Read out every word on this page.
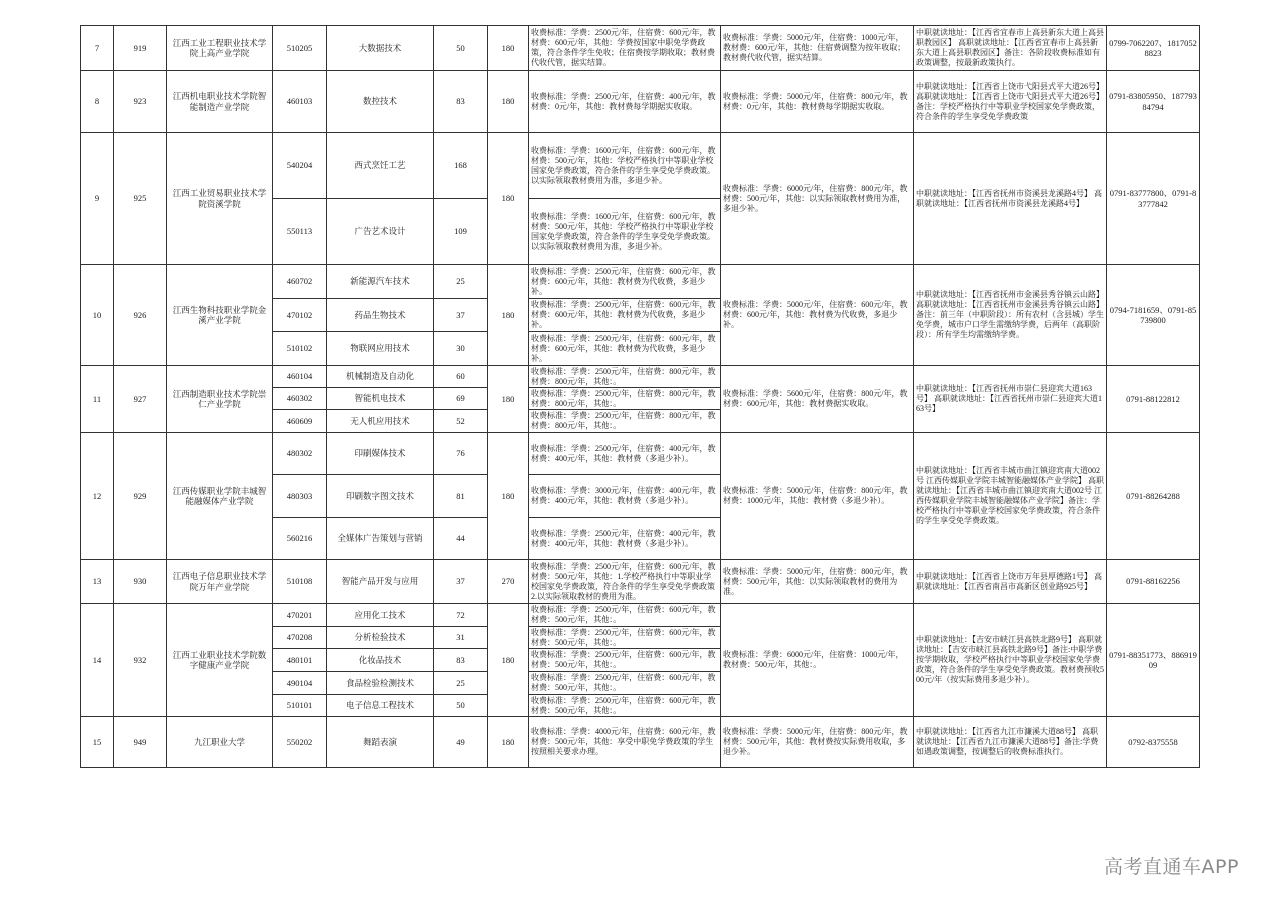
7	919	江西工业工程职业技术学院上高产业学院	510205	大数据技术	50	180	收费标准：学费：2500元/年，住宿费：600元/年，教材费：600元/年，其他：学费按国家中职免学费政策，符合条件学生免收；住宿费按学期收取；教材费代收代管，据实结算。	收费标准：学费：5000元/年，住宿费：1000元/年，教材费：600元/年，其他：住宿费调整为按年收取；教材费代收代管，据实结算。	中职就读地址：【江西省宜春市上高县新东大道上高县职教园区】 高职就读地址：【江西省宜春市上高县新东大道上高县职教园区】备注：各阶段收费标准如有政策调整，按最新政策执行。	0799-7062207、18170528823
8	923	江西机电职业技术学院智能制造产业学院	460103	数控技术	83	180	收费标准：学费：2500元/年，住宿费：400元/年，教材费：0元/年，其他：教材费每学期据实收取。	收费标准：学费：5000元/年，住宿费：800元/年，教材费：0元/年，其他：教材费每学期据实收取。	中职就读地址：【江西省上饶市弋阳县式平大道26号】 高职就读地址：【江西省上饶市弋阳县式平大道26号】备注：学校严格执行中等职业学校国家免学费政策，符合条件的学生享受免学费政策	0791-83805950、18779384794
9	925	江西工业贸易职业技术学院资溪学院	540204	西式烹饪工艺	168	180	收费标准：学费：1600元/年，住宿费：600元/年，教材费：500元/年，其他：学校严格执行中等职业学校国家免学费政策，符合条件的学生享受免学费政策。以实际领取教材费用为准，多退少补。	收费标准：学费：6000元/年，住宿费：800元/年，教材费：500元/年，其他：以实际领取教材费用为准，多退少补。	中职就读地址：【江西省抚州市资溪县龙溪路4号】 高职就读地址：【江西省抚州市资溪县龙溪路4号】	0791-83777800、0791-83777842
			550113	广告艺术设计	109		收费标准：学费：1600元/年，住宿费：600元/年，教材费：500元/年，其他：学校严格执行中等职业学校国家免学费政策，符合条件的学生享受免学费政策。以实际领取教材费用为准，多退少补。			
10	926	江西生物科技职业学院金溪产业学院	460702	新能源汽车技术	25	180	收费标准：学费：2500元/年，住宿费：600元/年，教材费：600元/年，其他：教材费为代收费，多退少补。	收费标准：学费：5000元/年，住宿费：600元/年，教材费：600元/年，其他：教材费为代收费，多退少补。	中职就读地址：【江西省抚州市金溪县秀谷镇云山路】 高职就读地址：【江西省抚州市金溪县秀谷镇云山路】备注：前三年（中职阶段）：所有农村（含县城）学生免学费，城市户口学生需缴纳学费，后两年（高职阶段）：所有学生均需缴纳学费。	0794-7181659、0791-85739800
			470102	药品生物技术	37		收费标准：学费：2500元/年，住宿费：600元/年，教材费：600元/年，其他：教材费为代收费，多退少补。			
			510102	物联网应用技术	30		收费标准：学费：2500元/年，住宿费：600元/年，教材费：600元/年，其他：教材费为代收费，多退少补。			
11	927	江西制造职业技术学院崇仁产业学院	460104	机械制造及自动化	60	180	收费标准：学费：2500元/年，住宿费：800元/年，教材费：800元/年，其他：。	收费标准：学费：5600元/年，住宿费：800元/年，教材费：600元/年，其他：教材费据实收取。	中职就读地址：【江西省抚州市崇仁县迎宾大道163号】 高职就读地址：【江西省抚州市崇仁县迎宾大道163号】	0791-88122812
			460302	智能机电技术	69		收费标准：学费：2500元/年，住宿费：800元/年，教材费：800元/年，其他：。			
			460609	无人机应用技术	52		收费标准：学费：2500元/年，住宿费：800元/年，教材费：800元/年，其他：。			
12	929	江西传媒职业学院丰城智能融媒体产业学院	480302	印刷媒体技术	76	180	收费标准：学费：2500元/年，住宿费：400元/年，教材费：400元/年，其他：教材费（多退少补）。	收费标准：学费：5000元/年，住宿费：800元/年，教材费：1000元/年，其他：教材费（多退少补）。	中职就读地址：【江西省丰城市曲江镇迎宾南大道002号 江西传媒职业学院丰城智能融媒体产业学院】 高职就读地址：【江西省丰城市曲江镇迎宾南大道002号 江西传媒职业学院丰城智能融媒体产业学院】备注：学校严格执行中等职业学校国家免学费政策，符合条件的学生享受免学费政策。	0791-88264288
			480303	印刷数字图文技术	81		收费标准：学费：3000元/年，住宿费：400元/年，教材费：400元/年，其他：教材费（多退少补）。			
			560216	全媒体广告策划与营销	44		收费标准：学费：2500元/年，住宿费：400元/年，教材费：400元/年，其他：教材费（多退少补）。			
13	930	江西电子信息职业技术学院万年产业学院	510108	智能产品开发与应用	37	270	收费标准：学费：2500元/年，住宿费：600元/年，教材费：500元/年，其他：1.学校严格执行中等职业学校国家免学费政策，符合条件的学生享受免学费政策2.以实际领取教材的费用为准。	收费标准：学费：5000元/年，住宿费：800元/年，教材费：500元/年，其他：以实际领取教材的费用为准。	中职就读地址：【江西省上饶市万年县厚德路1号】 高职就读地址：【江西省南昌市高新区创业路925号】	0791-88162256
14	932	江西工业职业技术学院数字健康产业学院	470201	应用化工技术	72	180	收费标准：学费：2500元/年，住宿费：600元/年，教材费：500元/年，其他：。	收费标准：学费：6000元/年，住宿费：1000元/年，教材费：500元/年，其他：。	中职就读地址：【吉安市峡江县高铁北路9号】 高职就读地址：【吉安市峡江县高铁北路9号】备注:中职学费按学期收取，学校严格执行中等职业学校国家免学费政策，符合条件的学生享受免学费政策。教材费预收500元/年（按实际费用多退少补）。	0791-88351773、88691909
			470208	分析检验技术	31		收费标准：学费：2500元/年，住宿费：600元/年，教材费：500元/年，其他：。			
			480101	化妆品技术	83		收费标准：学费：2500元/年，住宿费：600元/年，教材费：500元/年，其他：。			
			490104	食品检验检测技术	25		收费标准：学费：2500元/年，住宿费：600元/年，教材费：500元/年，其他：。			
			510101	电子信息工程技术	50		收费标准：学费：2500元/年，住宿费：600元/年，教材费：500元/年，其他：。			
15	949	九江职业大学	550202	舞蹈表演	49	180	收费标准：学费：4000元/年，住宿费：600元/年，教材费：500元/年，其他：享受中职免学费政策的学生按照相关要求办理。	收费标准：学费：5000元/年，住宿费：800元/年，教材费：500元/年，其他：教材费按实际费用收取，多退少补。	中职就读地址：【江西省九江市濂溪大道88号】 高职就读地址：【江西省九江市濂溪大道88号】备注:学费如遇政策调整，按调整后的收费标准执行。	0792-8375558
高考直通车APP
